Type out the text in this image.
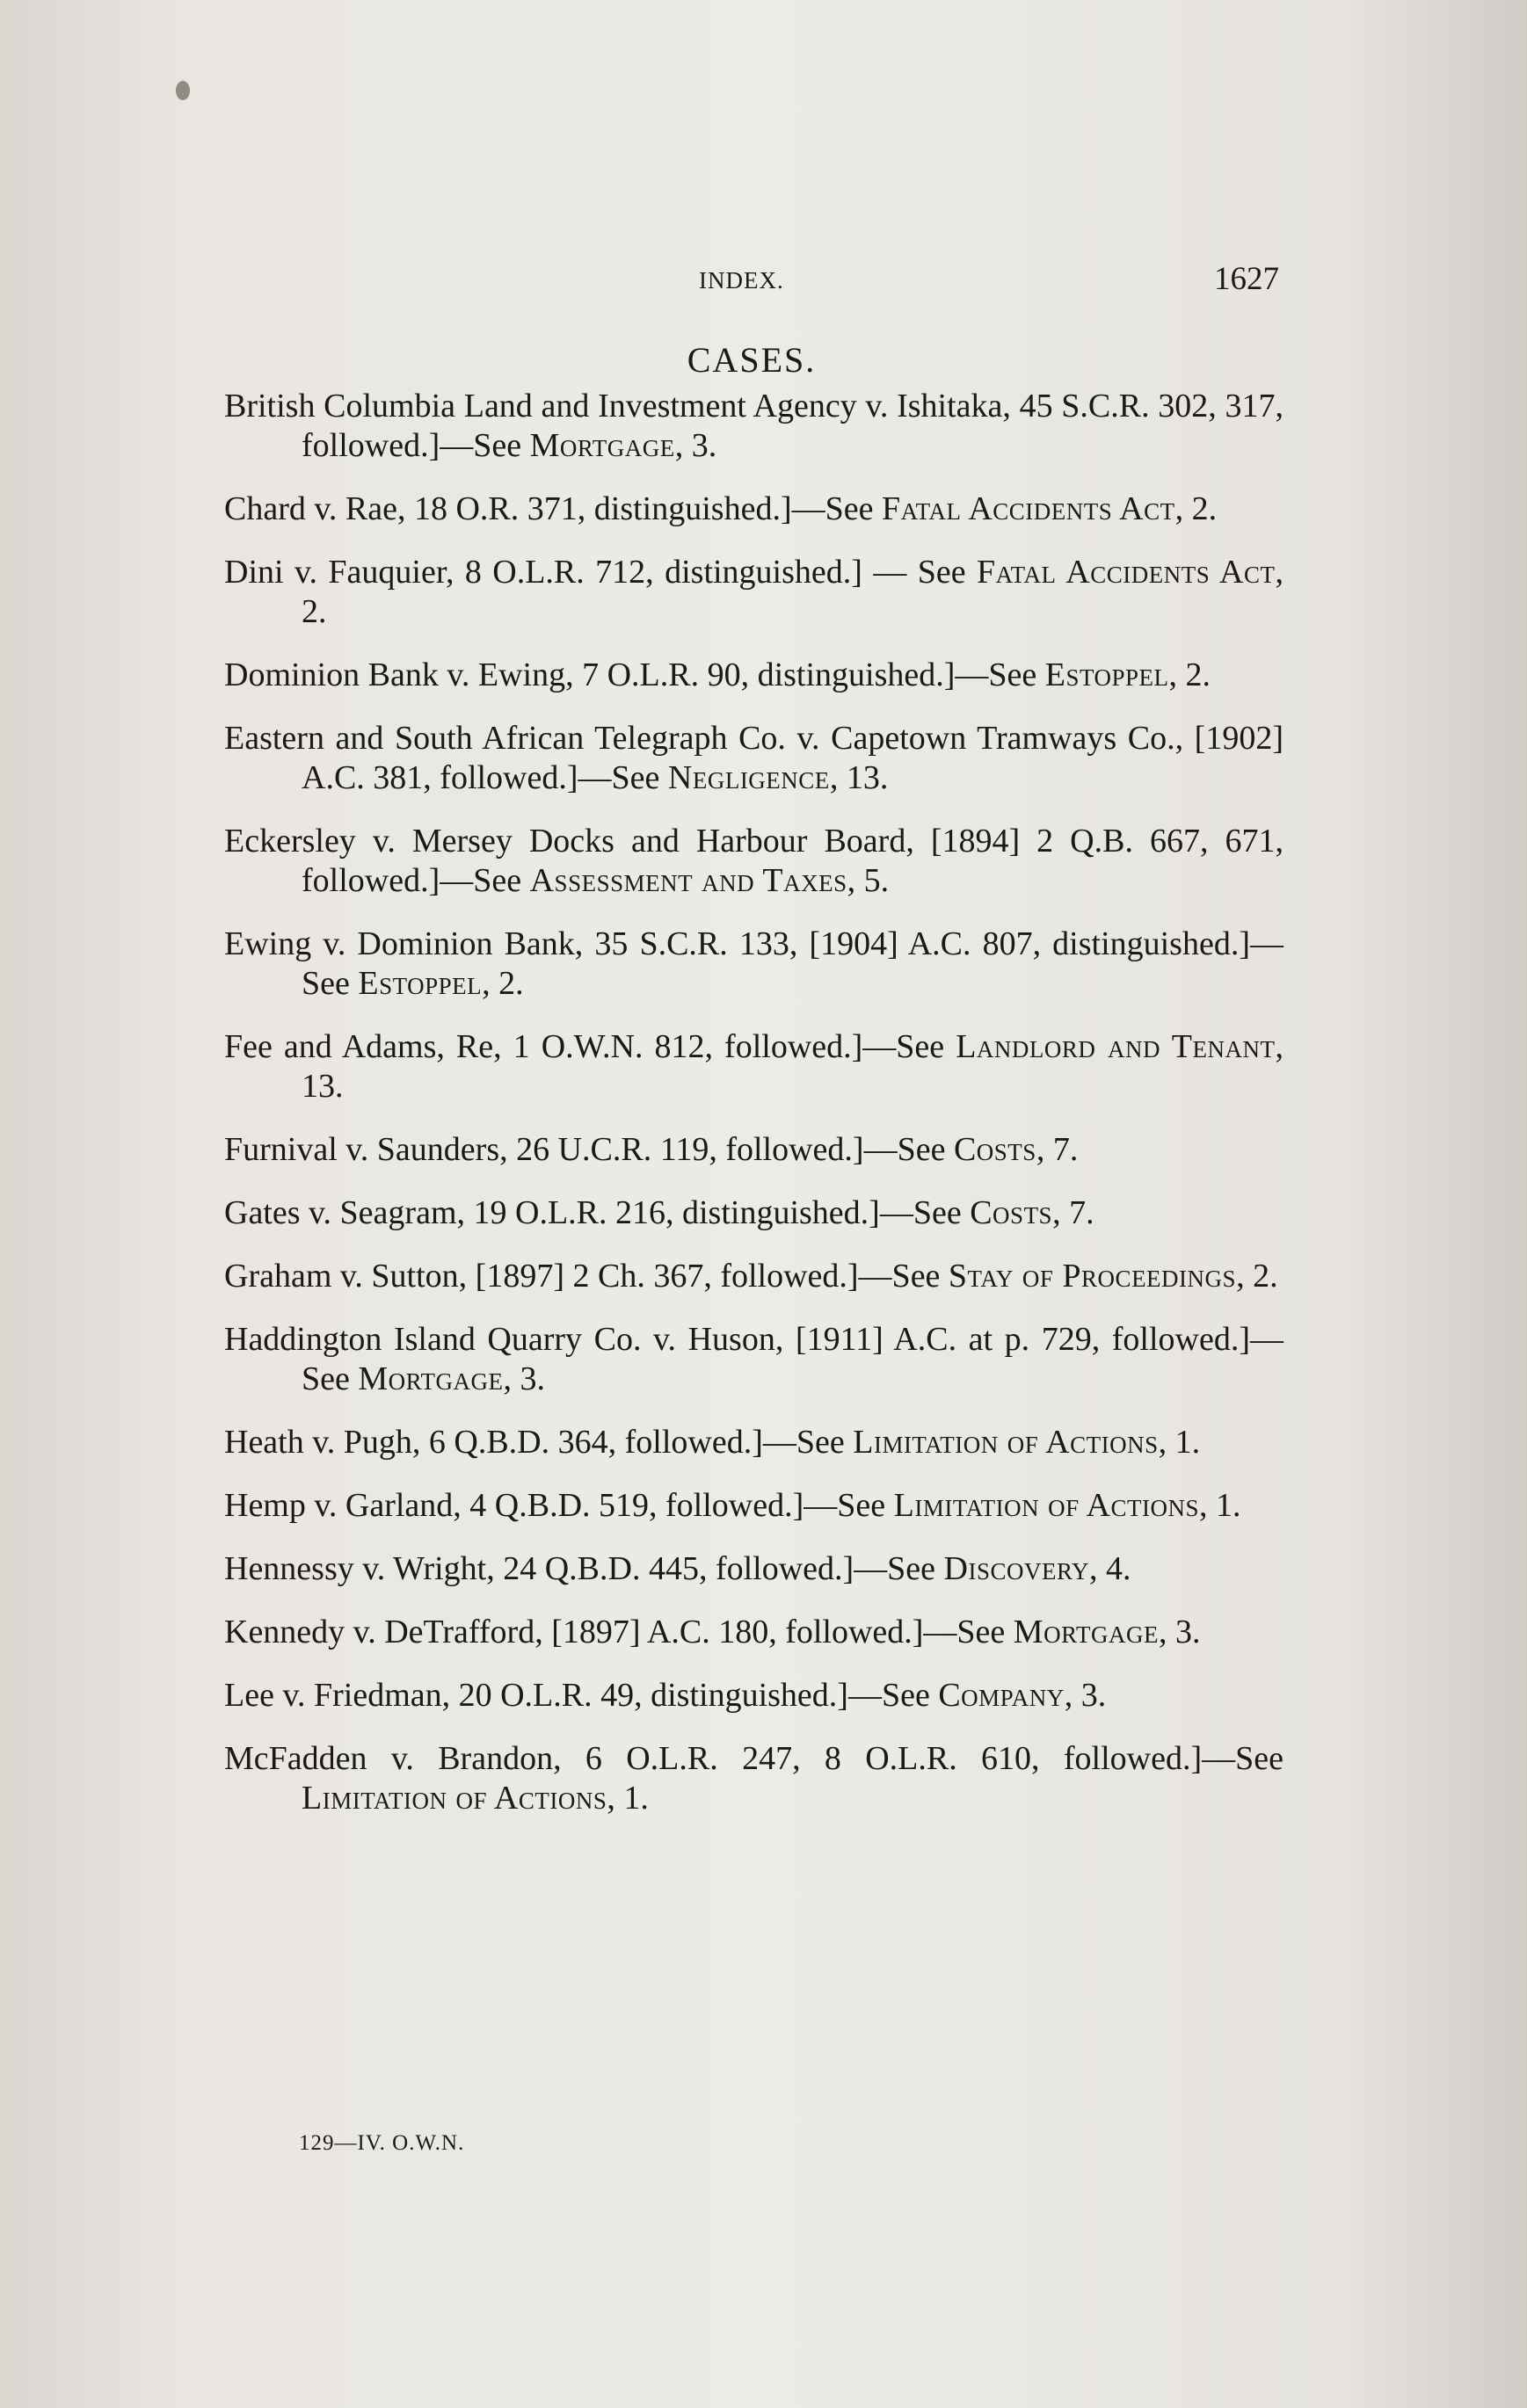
INDEX.	1627
CASES.

British Columbia Land and Investment Agency v. Ishitaka, 45 S.C.R. 302, 317, followed.]—See Mortgage, 3.

Chard v. Rae, 18 O.R. 371, distinguished.]—See Fatal Accidents Act, 2.

Dini v. Fauquier, 8 O.L.R. 712, distinguished.] — See Fatal Accidents Act, 2.

Dominion Bank v. Ewing, 7 O.L.R. 90, distinguished.]—See Estoppel, 2.

Eastern and South African Telegraph Co. v. Capetown Tramways Co., [1902] A.C. 381, followed.]—See Negligence, 13.

Eckersley v. Mersey Docks and Harbour Board, [1894] 2 Q.B. 667, 671, followed.]—See Assessment and Taxes, 5.

Ewing v. Dominion Bank, 35 S.C.R. 133, [1904] A.C. 807, distinguished.]—See Estoppel, 2.

Fee and Adams, Re, 1 O.W.N. 812, followed.]—See Landlord and Tenant, 13.

Furnival v. Saunders, 26 U.C.R. 119, followed.]—See Costs, 7.

Gates v. Seagram, 19 O.L.R. 216, distinguished.]—See Costs, 7.

Graham v. Sutton, [1897] 2 Ch. 367, followed.]—See Stay of Proceedings, 2.

Haddington Island Quarry Co. v. Huson, [1911] A.C. at p. 729, followed.]—See Mortgage, 3.

Heath v. Pugh, 6 Q.B.D. 364, followed.]—See Limitation of Actions, 1.

Hemp v. Garland, 4 Q.B.D. 519, followed.]—See Limitation of Actions, 1.

Hennessy v. Wright, 24 Q.B.D. 445, followed.]—See Discovery, 4.

Kennedy v. DeTrafford, [1897] A.C. 180, followed.]—See Mortgage, 3.

Lee v. Friedman, 20 O.L.R. 49, distinguished.]—See Company, 3.

McFadden v. Brandon, 6 O.L.R. 247, 8 O.L.R. 610, followed.]—See Limitation of Actions, 1.

129—IV. O.W.N.
